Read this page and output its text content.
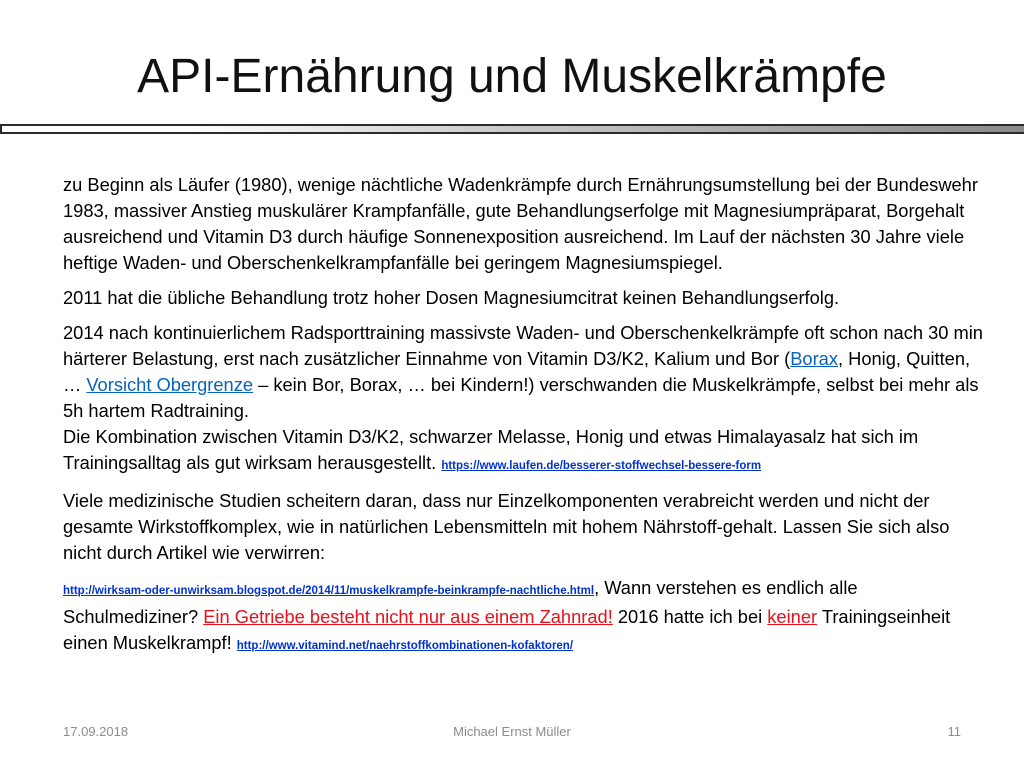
API-Ernährung und Muskelkrämpfe

zu Beginn als Läufer (1980), wenige nächtliche Wadenkrämpfe durch Ernährungsumstellung bei der Bundeswehr 1983, massiver Anstieg muskulärer Krampfanfälle, gute Behandlungserfolge mit Magnesiumpräparat, Borgehalt ausreichend und Vitamin D3 durch häufige Sonnenexposition ausreichend. Im Lauf der nächsten 30 Jahre viele heftige Waden- und Oberschenkelkrampfanfälle bei geringem Magnesiumspiegel.

2011 hat die übliche Behandlung trotz hoher Dosen Magnesiumcitrat keinen Behandlungserfolg.

2014 nach kontinuierlichem Radsporttraining massivste Waden- und Oberschenkelkrämpfe oft schon nach 30 min härterer Belastung, erst nach zusätzlicher Einnahme von Vitamin D3/K2, Kalium und Bor (Borax, Honig, Quitten, … Vorsicht Obergrenze – kein Bor, Borax, … bei Kindern!) verschwanden die Muskelkrämpfe, selbst bei mehr als 5h hartem Radtraining.

Die Kombination zwischen Vitamin D3/K2, schwarzer Melasse, Honig und etwas Himalayasalz hat sich im Trainingsalltag als gut wirksam herausgestellt. https://www.laufen.de/besserer-stoffwechsel-bessere-form

Viele medizinische Studien scheitern daran, dass nur Einzelkomponenten verabreicht werden und nicht der gesamte Wirkstoffkomplex, wie in natürlichen Lebensmitteln mit hohem Nährstoff-gehalt. Lassen Sie sich also nicht durch Artikel wie verwirren:

http://wirksam-oder-unwirksam.blogspot.de/2014/11/muskelkrampfe-beinkrampfe-nachtliche.html, Wann verstehen es endlich alle Schulmediziner? Ein Getriebe besteht nicht nur aus einem Zahnrad! 2016 hatte ich bei keiner Trainingseinheit einen Muskelkrampf! http://www.vitamind.net/naehrstoffkombinationen-kofaktoren/

17.09.2018	Michael Ernst Müller	11
